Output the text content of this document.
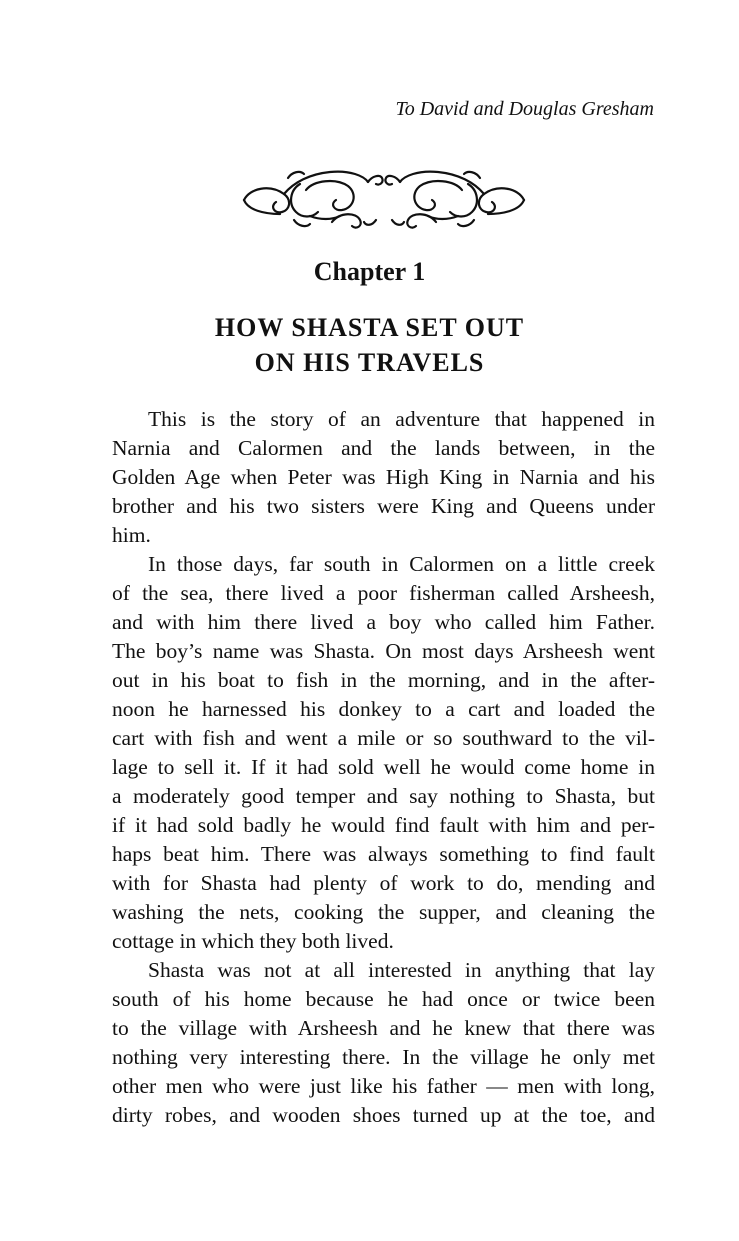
To David and Douglas Gresham
Chapter 1
HOW SHASTA SET OUT
ON HIS TRAVELS
This is the story of an adventure that happened in
Narnia and Calormen and the lands between, in the
Golden Age when Peter was High King in Narnia and his
brother and his two sisters were King and Queens under
him.
In those days, far south in Calormen on a little creek
of the sea, there lived a poor fisherman called Arsheesh,
and with him there lived a boy who called him Father.
The boy’s name was Shasta. On most days Arsheesh went
out in his boat to fish in the morning, and in the after-
noon he harnessed his donkey to a cart and loaded the
cart with fish and went a mile or so southward to the vil-
lage to sell it. If it had sold well he would come home in
a moderately good temper and say nothing to Shasta, but
if it had sold badly he would find fault with him and per-
haps beat him. There was always something to find fault
with for Shasta had plenty of work to do, mending and
washing the nets, cooking the supper, and cleaning the
cottage in which they both lived.
Shasta was not at all interested in anything that lay
south of his home because he had once or twice been
to the village with Arsheesh and he knew that there was
nothing very interesting there. In the village he only met
other men who were just like his father — men with long,
dirty robes, and wooden shoes turned up at the toe, and
